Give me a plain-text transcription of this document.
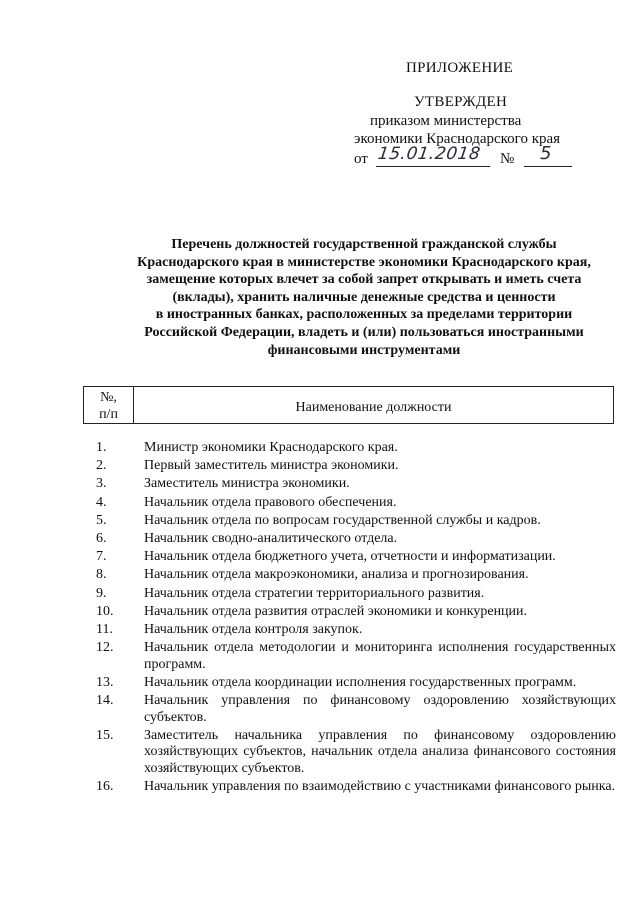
ПРИЛОЖЕНИЕ
УТВЕРЖДЕН
приказом министерства
экономики Краснодарского края
от 15.01.2018 № 5
Перечень должностей государственной гражданской службы
Краснодарского края в министерстве экономики Краснодарского края,
замещение которых влечет за собой запрет открывать и иметь счета
(вклады), хранить наличные денежные средства и ценности
в иностранных банках, расположенных за пределами территории
Российской Федерации, владеть и (или) пользоваться иностранными
финансовыми инструментами
№,
п/п	Наименование должности
1.	Министр экономики Краснодарского края.
2.	Первый заместитель министра экономики.
3.	Заместитель министра экономики.
4.	Начальник отдела правового обеспечения.
5.	Начальник отдела по вопросам государственной службы и кадров.
6.	Начальник сводно-аналитического отдела.
7.	Начальник отдела бюджетного учета, отчетности и информатизации.
8.	Начальник отдела макроэкономики, анализа и прогнозирования.
9.	Начальник отдела стратегии территориального развития.
10.	Начальник отдела развития отраслей экономики и конкуренции.
11.	Начальник отдела контроля закупок.
12.	Начальник отдела методологии и мониторинга исполнения государственных программ.
13.	Начальник отдела координации исполнения государственных программ.
14.	Начальник управления по финансовому оздоровлению хозяйствующих субъектов.
15.	Заместитель начальника управления по финансовому оздоровлению хозяйствующих субъектов, начальник отдела анализа финансового состояния хозяйствующих субъектов.
16.	Начальник управления по взаимодействию с участниками финансового рынка.
